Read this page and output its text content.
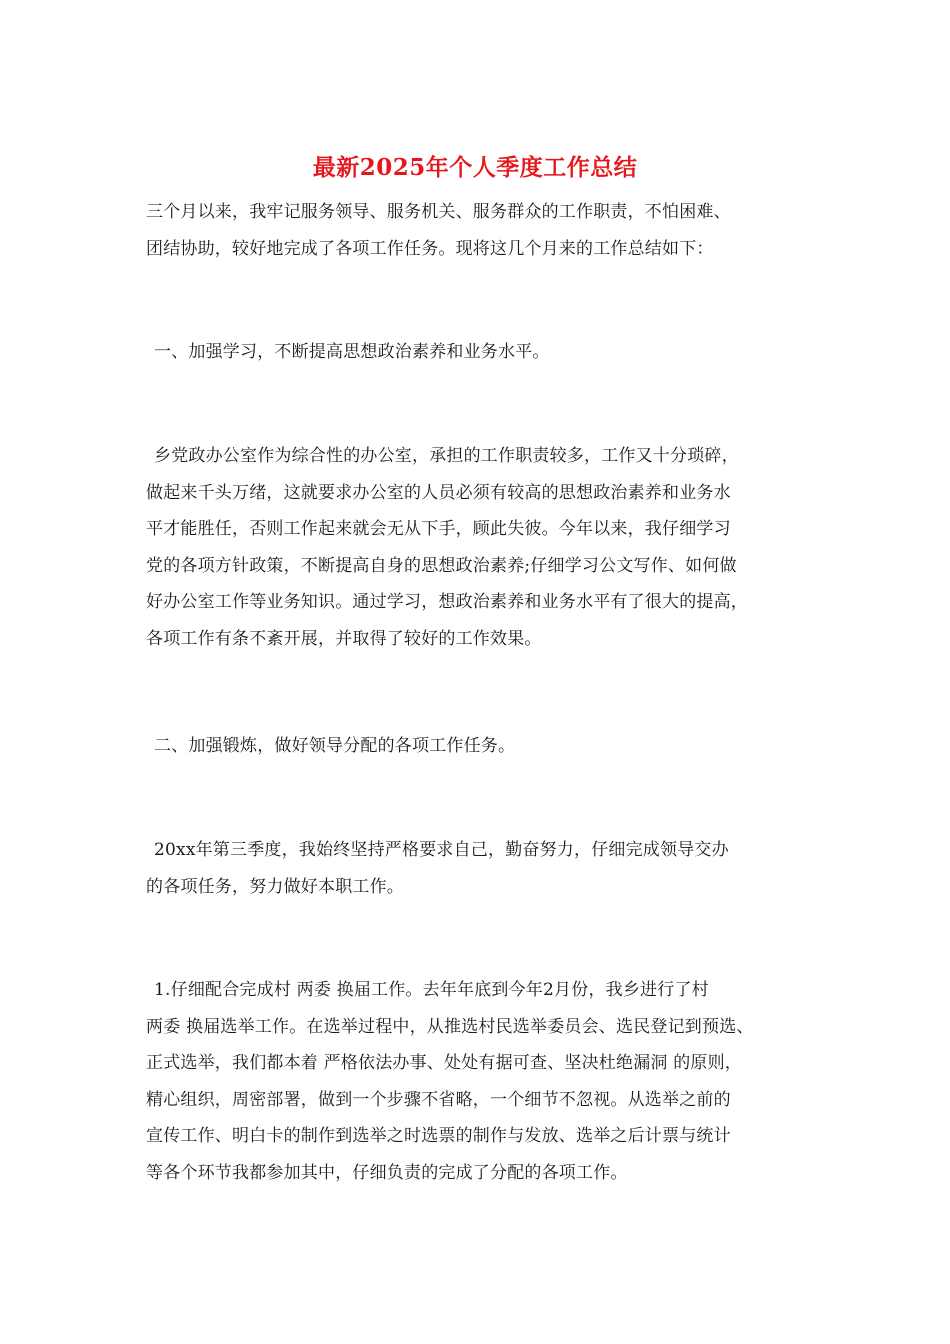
最新2025年个人季度工作总结
三个月以来，我牢记服务领导、服务机关、服务群众的工作职责，不怕困难、
团结协助，较好地完成了各项工作任务。现将这几个月来的工作总结如下：
一、加强学习，不断提高思想政治素养和业务水平。
乡党政办公室作为综合性的办公室，承担的工作职责较多，工作又十分琐碎，
做起来千头万绪，这就要求办公室的人员必须有较高的思想政治素养和业务水
平才能胜任，否则工作起来就会无从下手，顾此失彼。今年以来，我仔细学习
党的各项方针政策，不断提高自身的思想政治素养;仔细学习公文写作、如何做
好办公室工作等业务知识。通过学习，想政治素养和业务水平有了很大的提高，
各项工作有条不紊开展，并取得了较好的工作效果。
二、加强锻炼，做好领导分配的各项工作任务。
20xx年第三季度，我始终坚持严格要求自己，勤奋努力，仔细完成领导交办
的各项任务，努力做好本职工作。
1.仔细配合完成村 两委 换届工作。去年年底到今年2月份，我乡进行了村
两委 换届选举工作。在选举过程中，从推选村民选举委员会、选民登记到预选、
正式选举，我们都本着 严格依法办事、处处有据可查、坚决杜绝漏洞 的原则，
精心组织，周密部署，做到一个步骤不省略，一个细节不忽视。从选举之前的
宣传工作、明白卡的制作到选举之时选票的制作与发放、选举之后计票与统计
等各个环节我都参加其中，仔细负责的完成了分配的各项工作。
